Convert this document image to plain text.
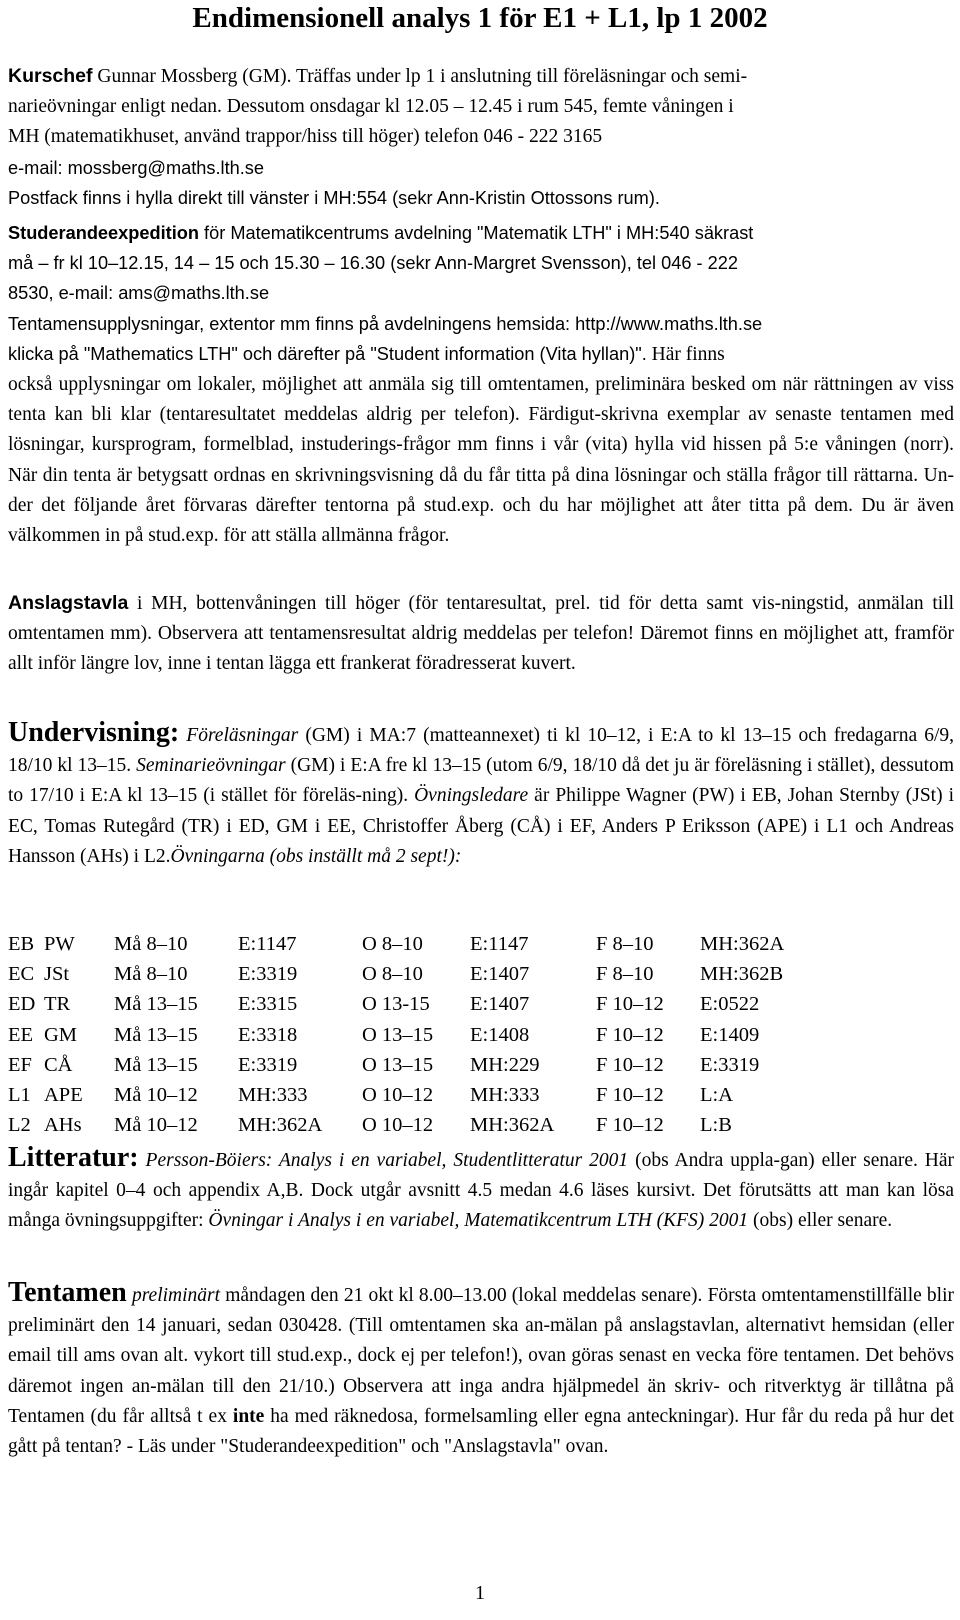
Endimensionell analys 1 för E1 + L1, lp 1 2002
Kurschef Gunnar Mossberg (GM). Träffas under lp 1 i anslutning till föreläsningar och semi-
narieövningar enligt nedan. Dessutom onsdagar kl 12.05 – 12.45 i rum 545, femte våningen i
MH (matematikhuset, använd trappor/hiss till höger) telefon 046 - 222 3165
e-mail: mossberg@maths.lth.se
Postfack finns i hylla direkt till vänster i MH:554 (sekr Ann-Kristin Ottossons rum).
Studerandeexpedition för Matematikcentrums avdelning "Matematik LTH" i MH:540 säkrast
må – fr kl 10–12.15, 14 – 15 och 15.30 – 16.30 (sekr Ann-Margret Svensson), tel 046 - 222
8530, e-mail: ams@maths.lth.se
Tentamensupplysningar, extentor mm finns på avdelningens hemsida: http://www.maths.lth.se
klicka på "Mathematics LTH" och därefter på "Student information (Vita hyllan)". Här finns
också upplysningar om lokaler, möjlighet att anmäla sig till omtentamen, preliminära besked om när rättningen av viss tenta kan bli klar (tentaresultatet meddelas aldrig per telefon). Färdigut-skrivna exemplar av senaste tentamen med lösningar, kursprogram, formelblad, instuderings-frågor mm finns i vår (vita) hylla vid hissen på 5:e våningen (norr). När din tenta är betygsatt ordnas en skrivningsvisning då du får titta på dina lösningar och ställa frågor till rättarna. Un-der det följande året förvaras därefter tentorna på stud.exp. och du har möjlighet att åter titta på dem. Du är även välkommen in på stud.exp. för att ställa allmänna frågor.
Anslagstavla i MH, bottenvåningen till höger (för tentaresultat, prel. tid för detta samt vis-ningstid, anmälan till omtentamen mm). Observera att tentamensresultat aldrig meddelas per telefon! Däremot finns en möjlighet att, framför allt inför längre lov, inne i tentan lägga ett frankerat föradresserat kuvert.
Undervisning: Föreläsningar (GM) i MA:7 (matteannexet) ti kl 10–12, i E:A to kl 13–15 och fredagarna 6/9, 18/10 kl 13–15. Seminarieövningar (GM) i E:A fre kl 13–15 (utom 6/9, 18/10 då det ju är föreläsning i stället), dessutom to 17/10 i E:A kl 13–15 (i stället för föreläs-ning). Övningsledare är Philippe Wagner (PW) i EB, Johan Sternby (JSt) i EC, Tomas Rutegård (TR) i ED, GM i EE, Christoffer Åberg (CÅ) i EF, Anders P Eriksson (APE) i L1 och Andreas Hansson (AHs) i L2.Övningarna (obs inställt må 2 sept!):
EB	PW	Må 8–10	E:1147	O 8–10	E:1147	F 8–10	MH:362A
EC	JSt	Må 8–10	E:3319	O 8–10	E:1407	F 8–10	MH:362B
ED	TR	Må 13–15	E:3315	O 13-15	E:1407	F 10–12	E:0522
EE	GM	Må 13–15	E:3318	O 13–15	E:1408	F 10–12	E:1409
EF	CÅ	Må 13–15	E:3319	O 13–15	MH:229	F 10–12	E:3319
L1	APE	Må 10–12	MH:333	O 10–12	MH:333	F 10–12	L:A
L2	AHs	Må 10–12	MH:362A	O 10–12	MH:362A	F 10–12	L:B
Litteratur: Persson-Böiers: Analys i en variabel, Studentlitteratur 2001 (obs Andra uppla-gan) eller senare. Här ingår kapitel 0–4 och appendix A,B. Dock utgår avsnitt 4.5 medan 4.6 läses kursivt. Det förutsätts att man kan lösa många övningsuppgifter: Övningar i Analys i en variabel, Matematikcentrum LTH (KFS) 2001 (obs) eller senare.
Tentamen preliminärt måndagen den 21 okt kl 8.00–13.00 (lokal meddelas senare). Första omtentamenstillfälle blir preliminärt den 14 januari, sedan 030428. (Till omtentamen ska an-mälan på anslagstavlan, alternativt hemsidan (eller email till ams ovan alt. vykort till stud.exp., dock ej per telefon!), ovan göras senast en vecka före tentamen. Det behövs däremot ingen an-mälan till den 21/10.) Observera att inga andra hjälpmedel än skriv- och ritverktyg är tillåtna på Tentamen (du får alltså t ex inte ha med räknedosa, formelsamling eller egna anteckningar). Hur får du reda på hur det gått på tentan? - Läs under "Studerandeexpedition" och "Anslagstavla" ovan.
1
